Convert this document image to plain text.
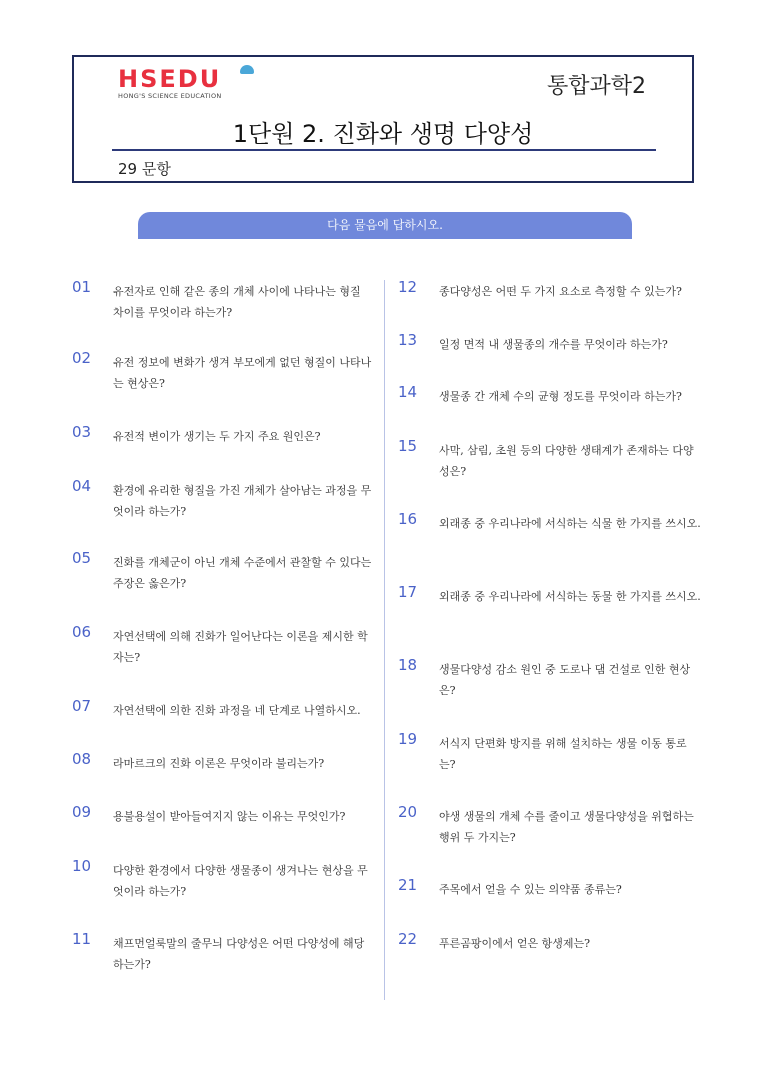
HSEDU
HONG'S SCIENCE EDUCATION	통합과학2
1단원 2. 진화와 생명 다양성
29 문항
다음 물음에 답하시오.
01 유전자로 인해 같은 종의 개체 사이에 나타나는 형질 차이를 무엇이라 하는가?
02 유전 정보에 변화가 생겨 부모에게 없던 형질이 나타나는 현상은?
03 유전적 변이가 생기는 두 가지 주요 원인은?
04 환경에 유리한 형질을 가진 개체가 살아남는 과정을 무엇이라 하는가?
05 진화를 개체군이 아닌 개체 수준에서 관찰할 수 있다는 주장은 옳은가?
06 자연선택에 의해 진화가 일어난다는 이론을 제시한 학자는?
07 자연선택에 의한 진화 과정을 네 단계로 나열하시오.
08 라마르크의 진화 이론은 무엇이라 불리는가?
09 용불용설이 받아들여지지 않는 이유는 무엇인가?
10 다양한 환경에서 다양한 생물종이 생겨나는 현상을 무엇이라 하는가?
11 채프먼얼룩말의 줄무늬 다양성은 어떤 다양성에 해당하는가?
12 종다양성은 어떤 두 가지 요소로 측정할 수 있는가?
13 일정 면적 내 생물종의 개수를 무엇이라 하는가?
14 생물종 간 개체 수의 균형 정도를 무엇이라 하는가?
15 사막, 삼림, 초원 등의 다양한 생태계가 존재하는 다양성은?
16 외래종 중 우리나라에 서식하는 식물 한 가지를 쓰시오.
17 외래종 중 우리나라에 서식하는 동물 한 가지를 쓰시오.
18 생물다양성 감소 원인 중 도로나 댐 건설로 인한 현상은?
19 서식지 단편화 방지를 위해 설치하는 생물 이동 통로는?
20 야생 생물의 개체 수를 줄이고 생물다양성을 위협하는 행위 두 가지는?
21 주목에서 얻을 수 있는 의약품 종류는?
22 푸른곰팡이에서 얻은 항생제는?
